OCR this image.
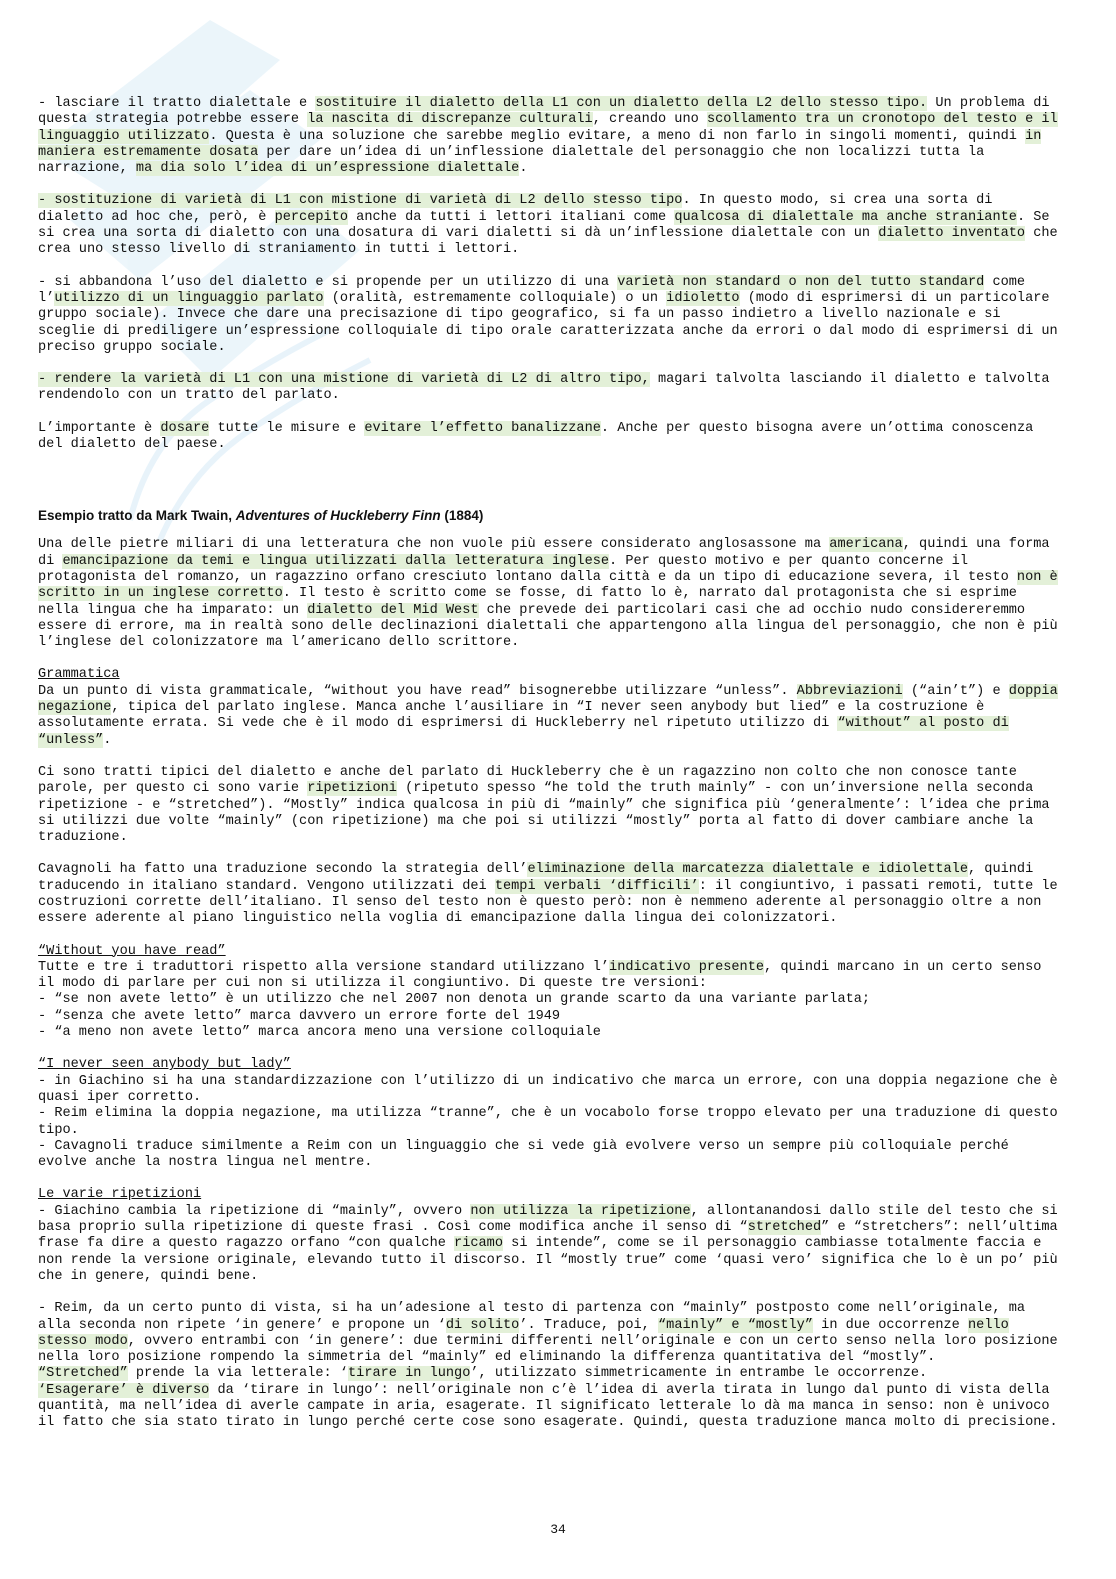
- lasciare il tratto dialettale e sostituire il dialetto della L1 con un dialetto della L2 dello stesso tipo. Un problema di questa strategia potrebbe essere la nascita di discrepanze culturali, creando uno scollamento tra un cronotopo del testo e il linguaggio utilizzato. Questa è una soluzione che sarebbe meglio evitare, a meno di non farlo in singoli momenti, quindi in maniera estremamente dosata per dare un’idea di un’inflessione dialettale del personaggio che non localizzi tutta la narrazione, ma dia solo l’idea di un’espressione dialettale.

- sostituzione di varietà di L1 con mistione di varietà di L2 dello stesso tipo. In questo modo, si crea una sorta di dialetto ad hoc che, però, è percepito anche da tutti i lettori italiani come qualcosa di dialettale ma anche straniante. Se si crea una sorta di dialetto con una dosatura di vari dialetti si dà un’inflessione dialettale con un dialetto inventato che crea uno stesso livello di straniamento in tutti i lettori.

- si abbandona l’uso del dialetto e si propende per un utilizzo di una varietà non standard o non del tutto standard come l’utilizzo di un linguaggio parlato (oralità, estremamente colloquiale) o un idioletto (modo di esprimersi di un particolare gruppo sociale). Invece che dare una precisazione di tipo geografico, si fa un passo indietro a livello nazionale e si sceglie di prediligere un’espressione colloquiale di tipo orale caratterizzata anche da errori o dal modo di esprimersi di un preciso gruppo sociale.

- rendere la varietà di L1 con una mistione di varietà di L2 di altro tipo, magari talvolta lasciando il dialetto e talvolta rendendolo con un tratto del parlato.

L’importante è dosare tutte le misure e evitare l’effetto banalizzane. Anche per questo bisogna avere un’ottima conoscenza del dialetto del paese.

Esempio tratto da Mark Twain, Adventures of Huckleberry Finn (1884)

Una delle pietre miliari di una letteratura che non vuole più essere considerato anglosassone ma americana, quindi una forma di emancipazione da temi e lingua utilizzati dalla letteratura inglese. Per questo motivo e per quanto concerne il protagonista del romanzo, un ragazzino orfano cresciuto lontano dalla città e da un tipo di educazione severa, il testo non è scritto in un inglese corretto. Il testo è scritto come se fosse, di fatto lo è, narrato dal protagonista che si esprime nella lingua che ha imparato: un dialetto del Mid West che prevede dei particolari casi che ad occhio nudo considereremmo essere di errore, ma in realtà sono delle declinazioni dialettali che appartengono alla lingua del personaggio, che non è più l’inglese del colonizzatore ma l’americano dello scrittore.

Grammatica

Da un punto di vista grammaticale, “without you have read” bisognerebbe utilizzare “unless”. Abbreviazioni (“ain’t”) e doppia negazione, tipica del parlato inglese. Manca anche l’ausiliare in “I never seen anybody but lied” e la costruzione è assolutamente errata. Si vede che è il modo di esprimersi di Huckleberry nel ripetuto utilizzo di “without” al posto di “unless”.

Ci sono tratti tipici del dialetto e anche del parlato di Huckleberry che è un ragazzino non colto che non conosce tante parole, per questo ci sono varie ripetizioni (ripetuto spesso “he told the truth mainly” - con un’inversione nella seconda ripetizione - e “stretched”). “Mostly” indica qualcosa in più di “mainly” che significa più ‘generalmente’: l’idea che prima si utilizzi due volte “mainly” (con ripetizione) ma che poi si utilizzi “mostly” porta al fatto di dover cambiare anche la traduzione.

Cavagnoli ha fatto una traduzione secondo la strategia dell’eliminazione della marcatezza dialettale e idiolettale, quindi traducendo in italiano standard. Vengono utilizzati dei tempi verbali ‘difficili’: il congiuntivo, i passati remoti, tutte le costruzioni corrette dell’italiano. Il senso del testo non è questo però: non è nemmeno aderente al personaggio oltre a non essere aderente al piano linguistico nella voglia di emancipazione dalla lingua dei colonizzatori.

“Without you have read”

Tutte e tre i traduttori rispetto alla versione standard utilizzano l’indicativo presente, quindi marcano in un certo senso il modo di parlare per cui non si utilizza il congiuntivo. Di queste tre versioni:

- “se non avete letto” è un utilizzo che nel 2007 non denota un grande scarto da una variante parlata;

- “senza che avete letto” marca davvero un errore forte del 1949

- “a meno non avete letto” marca ancora meno una versione colloquiale

“I never seen anybody but lady”

- in Giachino si ha una standardizzazione con l’utilizzo di un indicativo che marca un errore, con una doppia negazione che è quasi iper corretto.

- Reim elimina la doppia negazione, ma utilizza “tranne”, che è un vocabolo forse troppo elevato per una traduzione di questo tipo.

- Cavagnoli traduce similmente a Reim con un linguaggio che si vede già evolvere verso un sempre più colloquiale perché evolve anche la nostra lingua nel mentre.

Le varie ripetizioni

- Giachino cambia la ripetizione di “mainly”, ovvero non utilizza la ripetizione, allontanandosi dallo stile del testo che si basa proprio sulla ripetizione di queste frasi . Così come modifica anche il senso di “stretched” e “stretchers”: nell’ultima frase fa dire a questo ragazzo orfano “con qualche ricamo si intende”, come se il personaggio cambiasse totalmente faccia e non rende la versione originale, elevando tutto il discorso. Il “mostly true” come ‘quasi vero’ significa che lo è un po’ più che in genere, quindi bene.

- Reim, da un certo punto di vista, si ha un’adesione al testo di partenza con “mainly” postposto come nell’originale, ma alla seconda non ripete ‘in genere’ e propone un ‘di solito’. Traduce, poi, “mainly” e “mostly” in due occorrenze nello stesso modo, ovvero entrambi con ‘in genere’: due termini differenti nell’originale e con un certo senso nella loro posizione nella loro posizione rompendo la simmetria del “mainly” ed eliminando la differenza quantitativa del “mostly”.

“Stretched” prende la via letterale: ‘tirare in lungo’, utilizzato simmetricamente in entrambe le occorrenze.

‘Esagerare’ è diverso da ‘tirare in lungo’: nell’originale non c’è l’idea di averla tirata in lungo dal punto di vista della quantità, ma nell’idea di averle campate in aria, esagerate. Il significato letterale lo dà ma manca in senso: non è univoco il fatto che sia stato tirato in lungo perché certe cose sono esagerate. Quindi, questa traduzione manca molto di precisione.

34
